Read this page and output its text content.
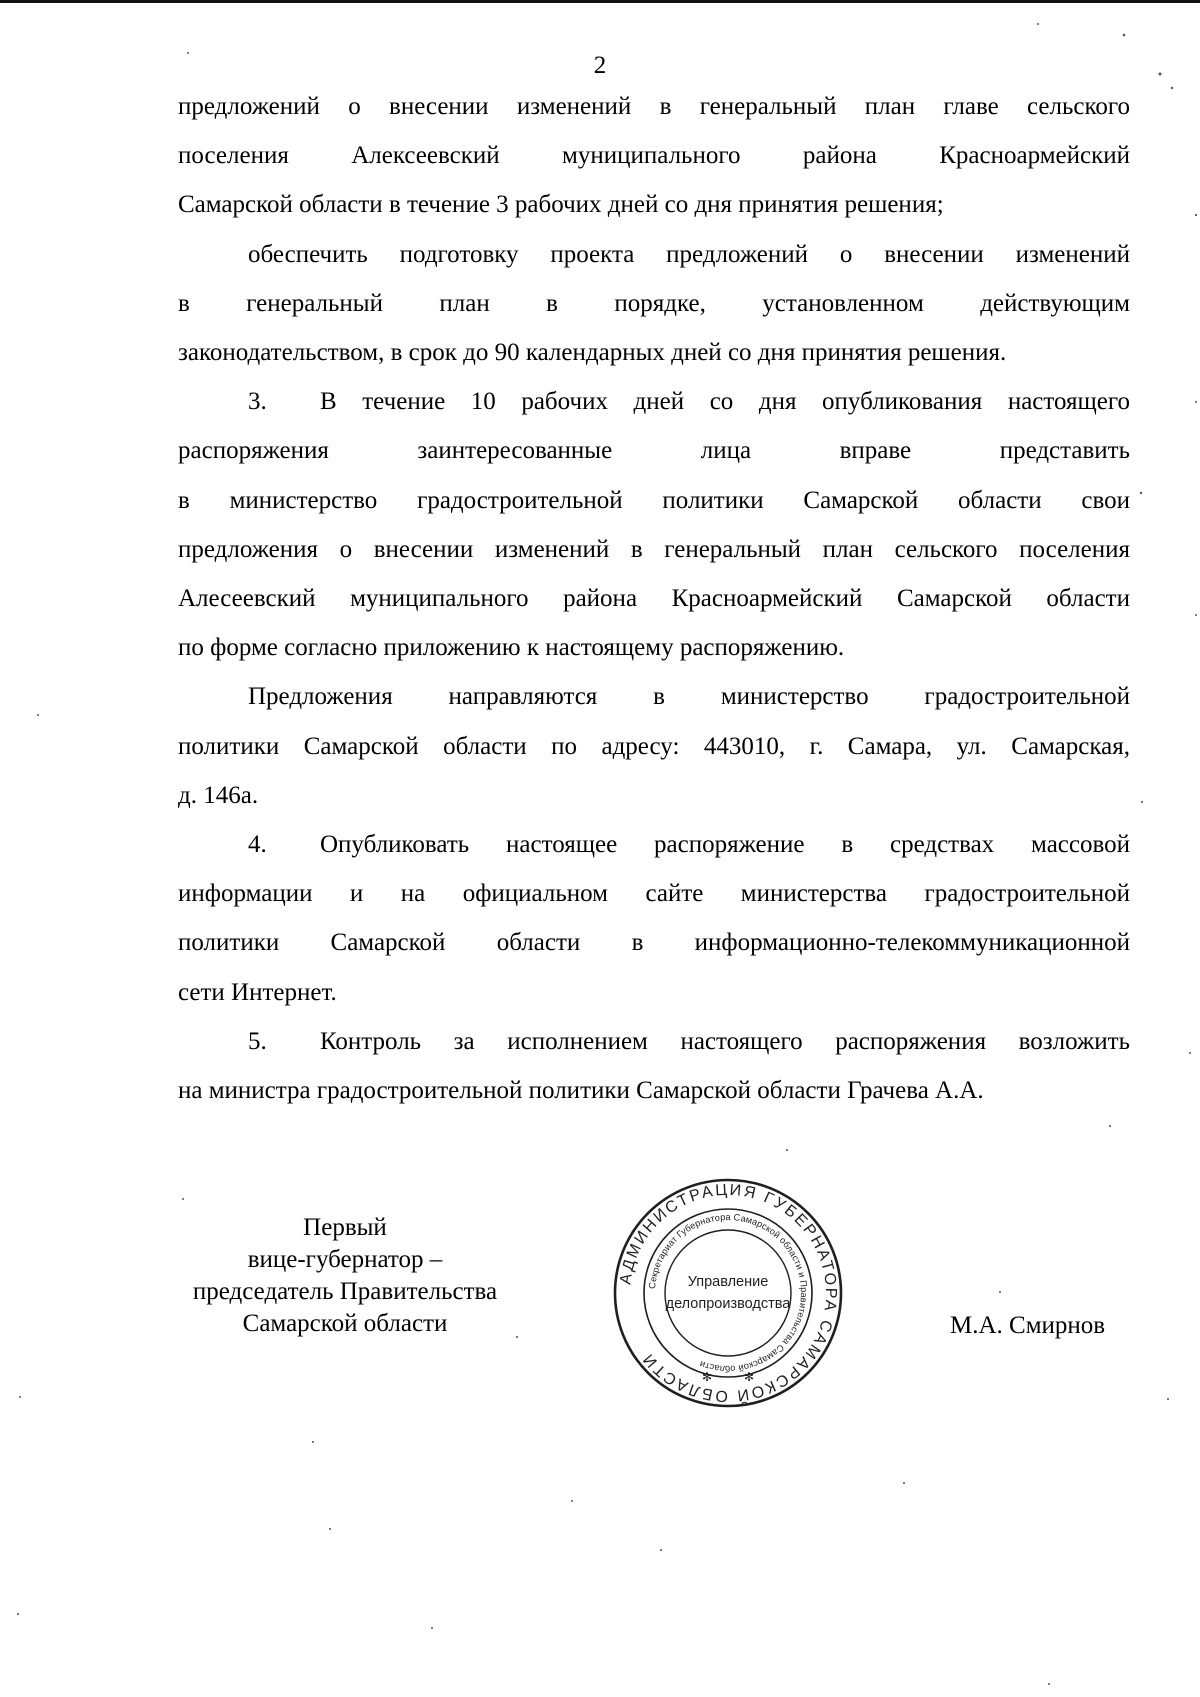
2

предложений о внесении изменений в генеральный план главе сельского
поселения Алексеевский муниципального района Красноармейский
Самарской области в течение 3 рабочих дней со дня принятия решения;

обеспечить подготовку проекта предложений о внесении изменений
в генеральный план в порядке, установленном действующим
законодательством, в срок до 90 календарных дней со дня принятия решения.

3. В течение 10 рабочих дней со дня опубликования настоящего
распоряжения заинтересованные лица вправе представить
в министерство градостроительной политики Самарской области свои
предложения о внесении изменений в генеральный план сельского поселения
Алесеевский муниципального района Красноармейский Самарской области
по форме согласно приложению к настоящему распоряжению.

Предложения направляются в министерство градостроительной
политики Самарской области по адресу: 443010, г. Самара, ул. Самарская,
д. 146а.

4. Опубликовать настоящее распоряжение в средствах массовой
информации и на официальном сайте министерства градостроительной
политики Самарской области в информационно-телекоммуникационной
сети Интернет.

5. Контроль за исполнением настоящего распоряжения возложить
на министра градостроительной политики Самарской области Грачева А.А.

Первый
вице-губернатор –
председатель Правительства
Самарской области
АДМИНИСТРАЦИЯ ГУБЕРНАТОРА САМАРСКОЙ ОБЛАСТИ
Секретариат Губернатора Самарской области и Правительства Самарской области
Управление
делопроизводства
✻	✻
М.А. Смирнов
